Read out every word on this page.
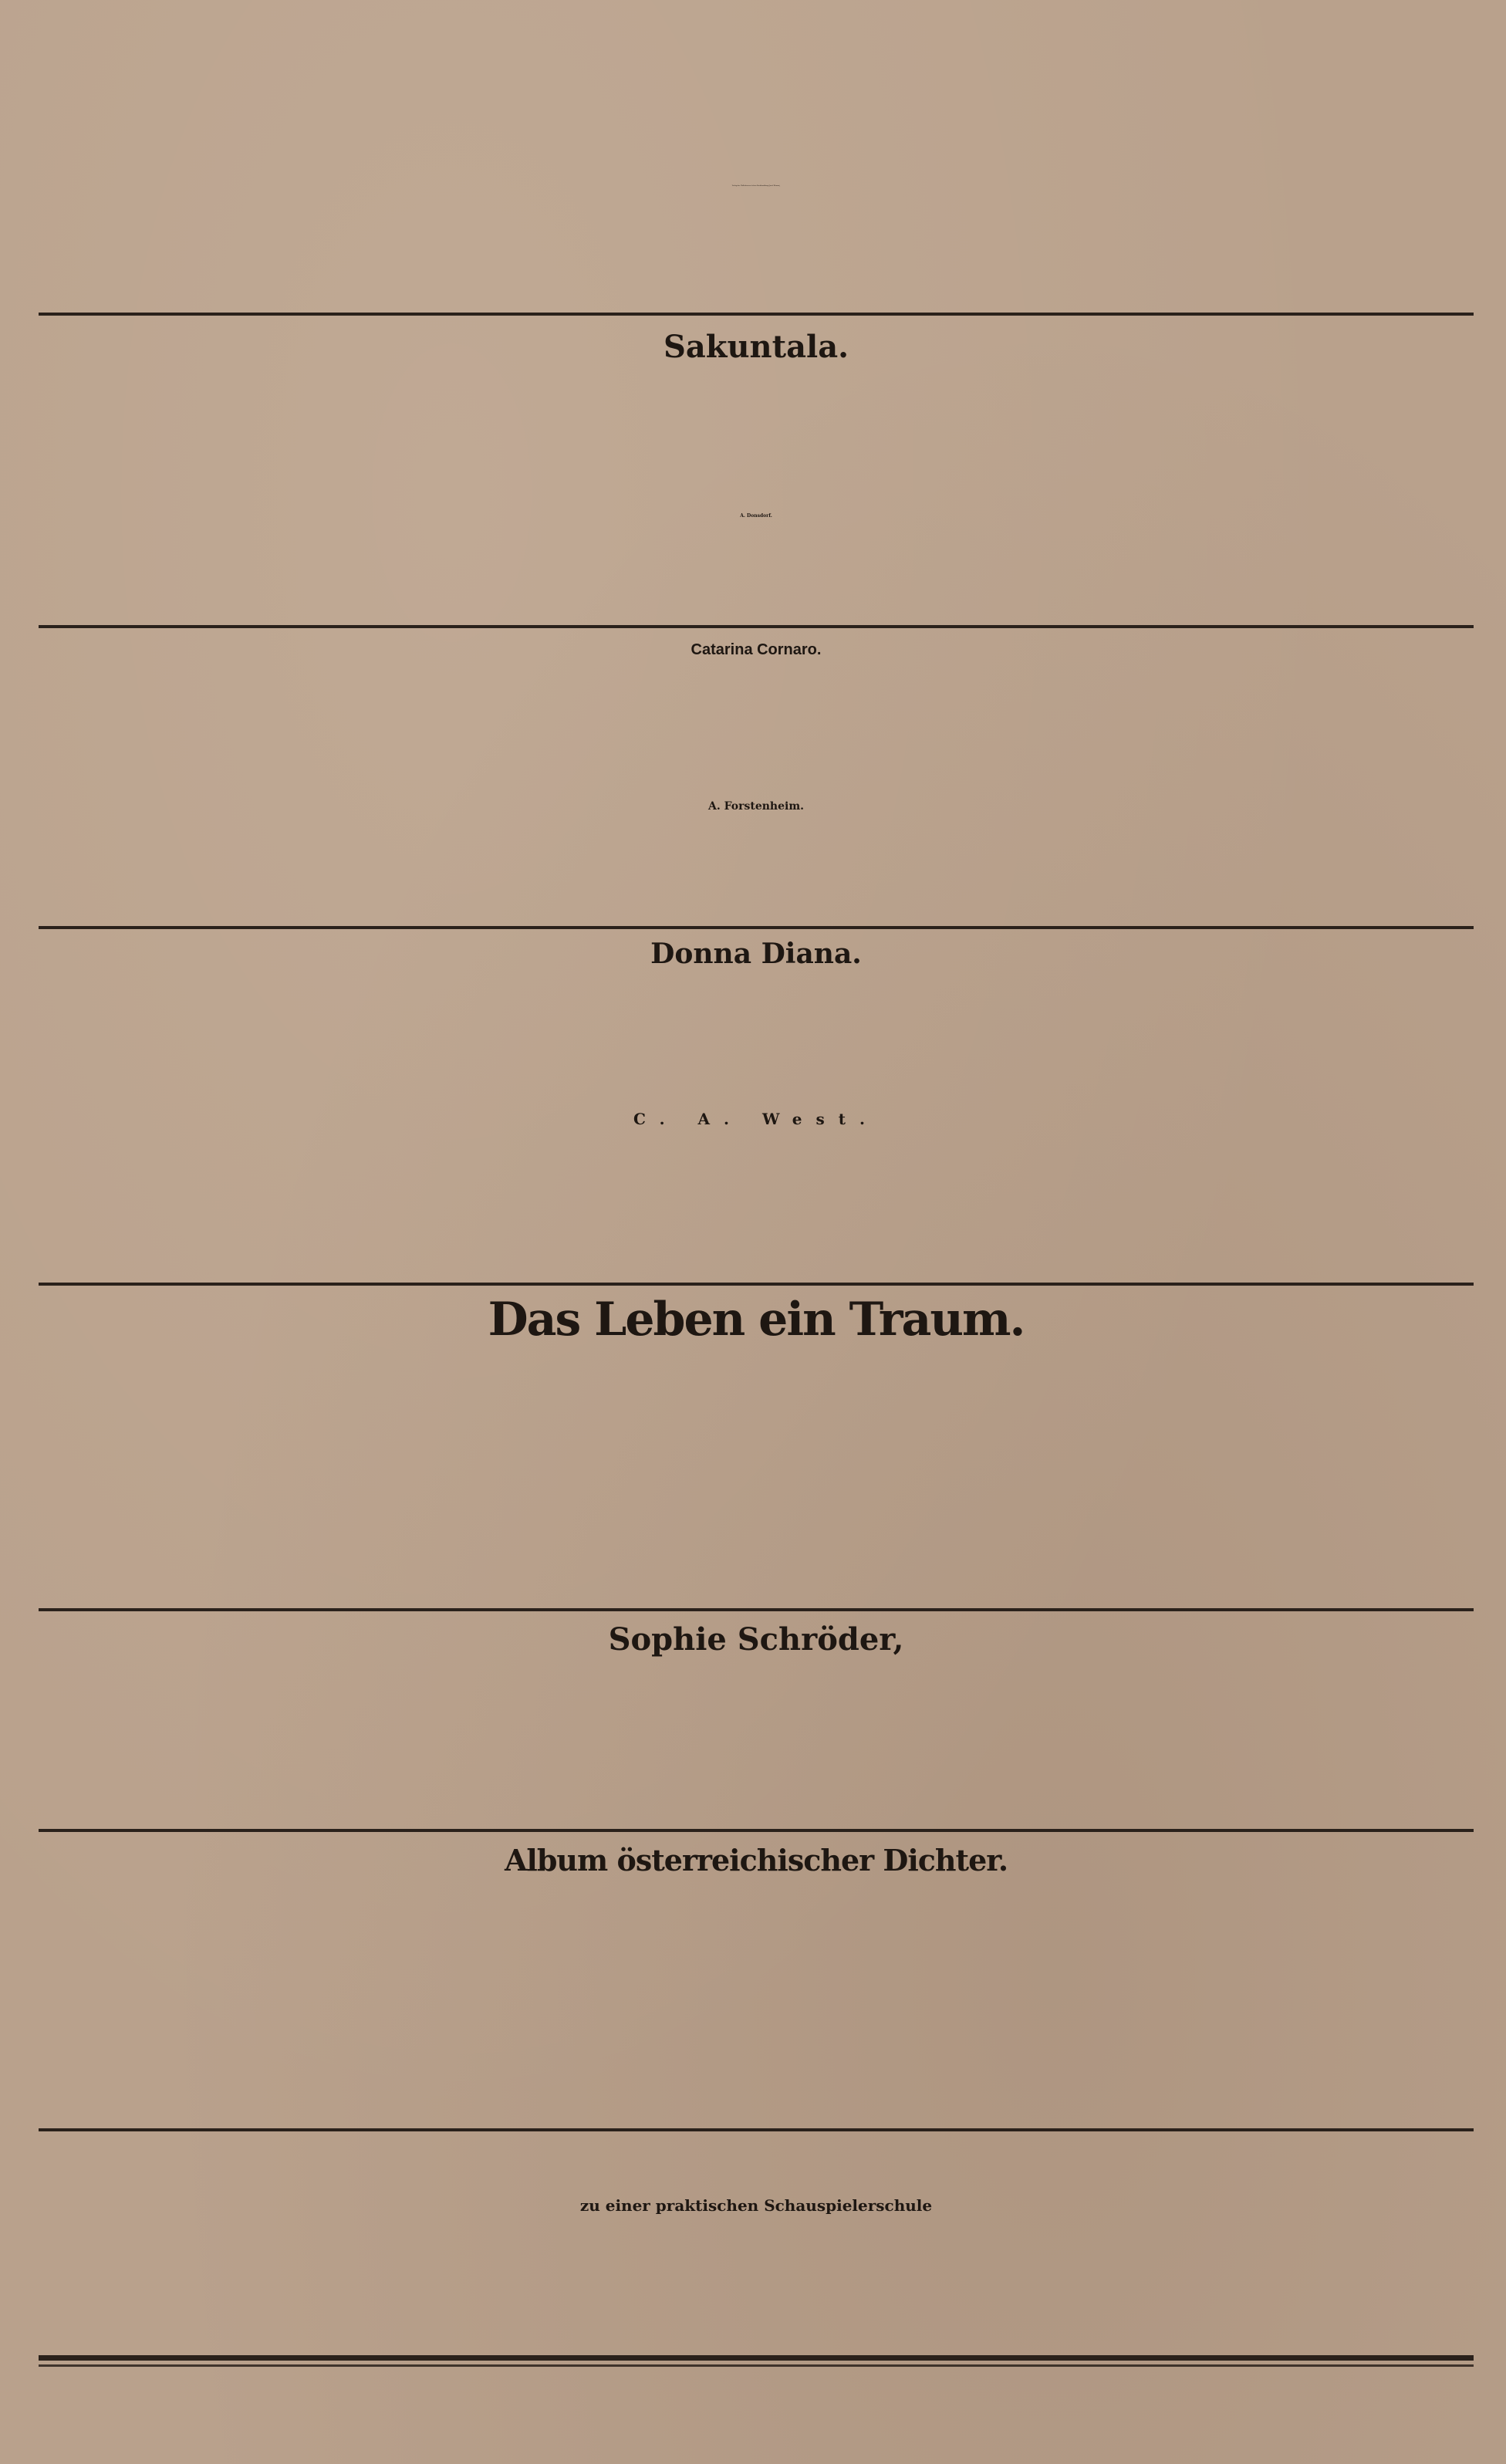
Verlag der Wallishausser'schen Buchhandlung (Josef Klemm),
Sakuntala.
A. Donsdorf.
Catarina Cornaro.
A. Forstenheim.
Donna Diana.
C. A. West.
Das Leben ein Traum.
Sophie Schröder,
Album österreichischer Dichter.
zu einer praktischen Schauspielerschule
